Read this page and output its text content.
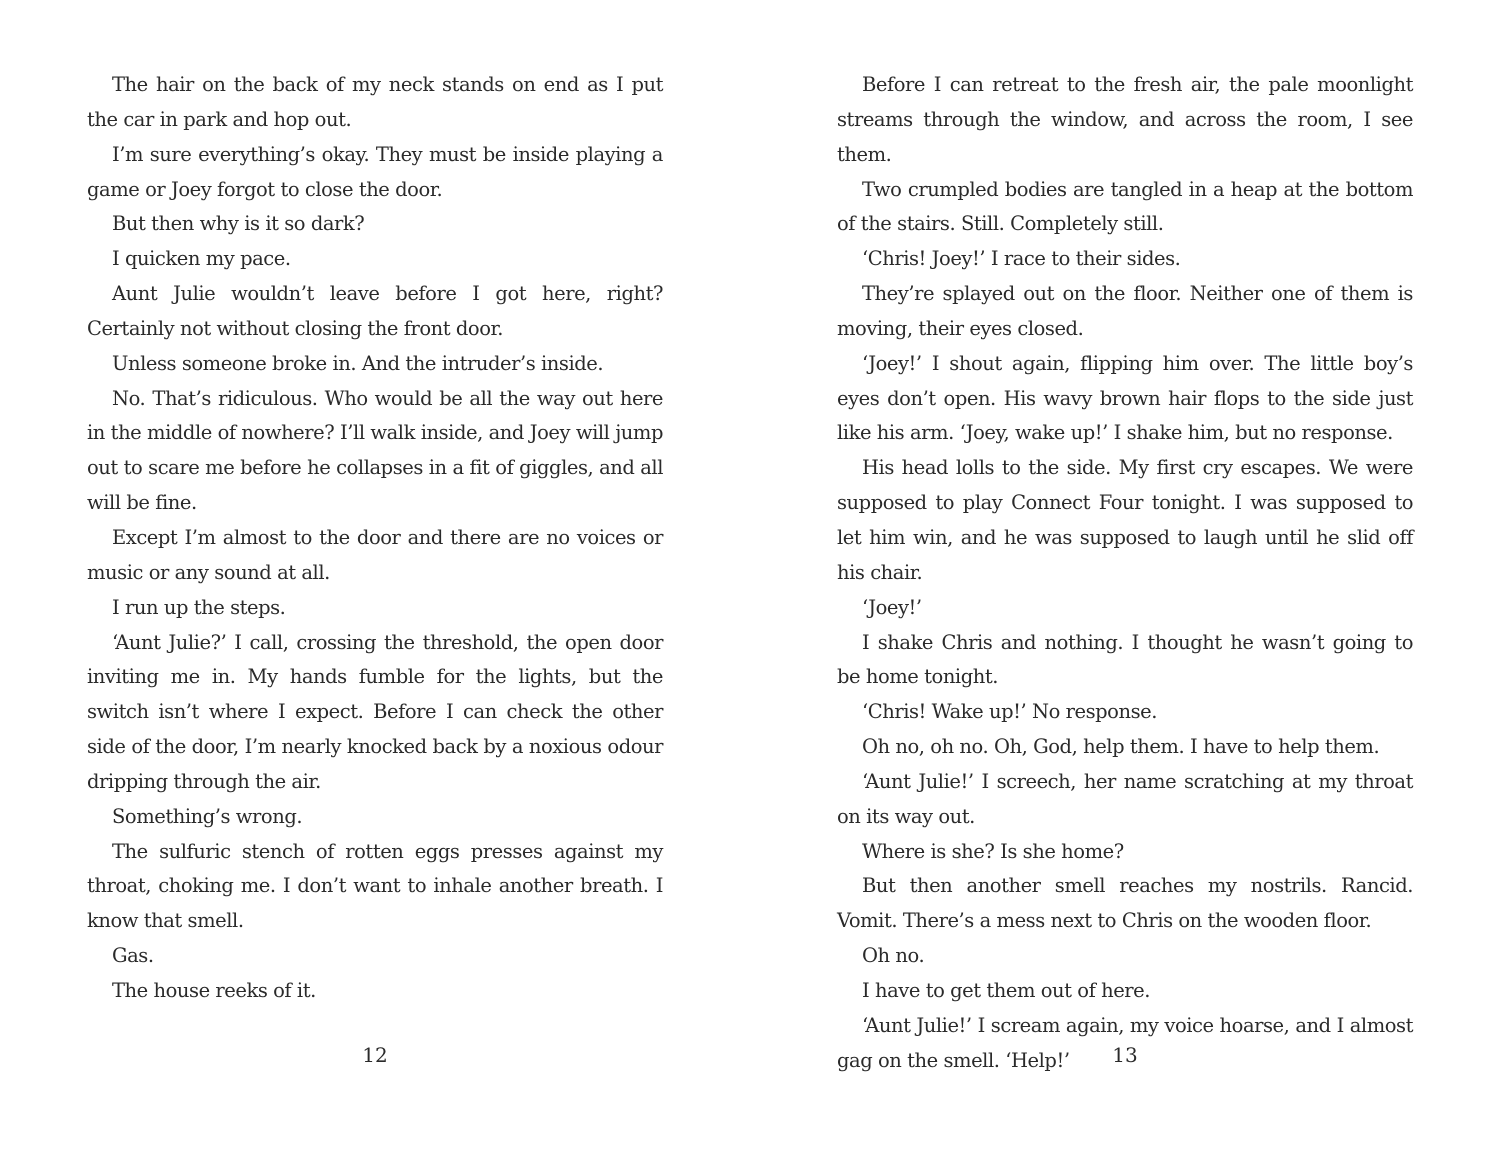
The hair on the back of my neck stands on end as I put the car in park and hop out.

I’m sure everything’s okay. They must be inside playing a game or Joey forgot to close the door.

But then why is it so dark?

I quicken my pace.

Aunt Julie wouldn’t leave before I got here, right? Certainly not without closing the front door.

Unless someone broke in. And the intruder’s inside.

No. That’s ridiculous. Who would be all the way out here in the middle of nowhere? I’ll walk inside, and Joey will jump out to scare me before he collapses in a fit of giggles, and all will be fine.

Except I’m almost to the door and there are no voices or music or any sound at all.

I run up the steps.

‘Aunt Julie?’ I call, crossing the threshold, the open door inviting me in. My hands fumble for the lights, but the switch isn’t where I expect. Before I can check the other side of the door, I’m nearly knocked back by a noxious odour dripping through the air.

Something’s wrong.

The sulfuric stench of rotten eggs presses against my throat, choking me. I don’t want to inhale another breath. I know that smell.

Gas.

The house reeks of it.

Before I can retreat to the fresh air, the pale moonlight streams through the window, and across the room, I see them.

Two crumpled bodies are tangled in a heap at the bottom of the stairs. Still. Completely still.

‘Chris! Joey!’ I race to their sides.

They’re splayed out on the floor. Neither one of them is moving, their eyes closed.

‘Joey!’ I shout again, flipping him over. The little boy’s eyes don’t open. His wavy brown hair flops to the side just like his arm. ‘Joey, wake up!’ I shake him, but no response.

His head lolls to the side. My first cry escapes. We were supposed to play Connect Four tonight. I was supposed to let him win, and he was supposed to laugh until he slid off his chair.

‘Joey!’

I shake Chris and nothing. I thought he wasn’t going to be home tonight.

‘Chris! Wake up!’ No response.

Oh no, oh no. Oh, God, help them. I have to help them.

‘Aunt Julie!’ I screech, her name scratching at my throat on its way out.

Where is she? Is she home?

But then another smell reaches my nostrils. Rancid. Vomit. There’s a mess next to Chris on the wooden floor.

Oh no.

I have to get them out of here.

‘Aunt Julie!’ I scream again, my voice hoarse, and I almost gag on the smell. ‘Help!’

12	13
